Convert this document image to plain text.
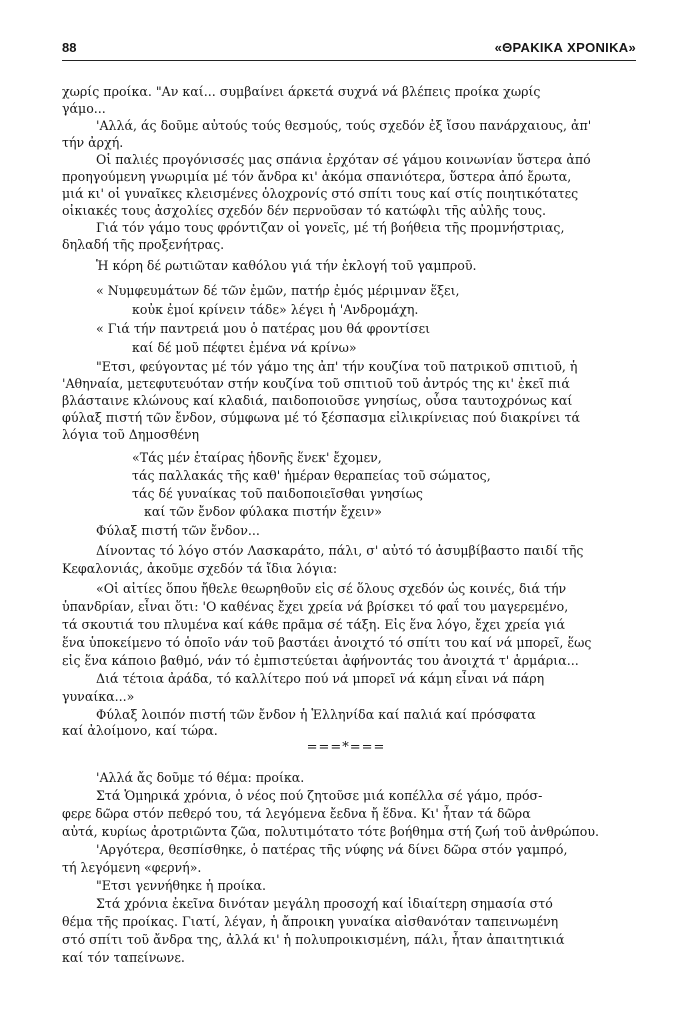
88	«ΘΡΑΚΙΚΑ ΧΡΟΝΙΚΑ»

χωρίς προίκα. "Αν καί... συμβαίνει άρκετά συχνά νά βλέπεις προίκα χωρίς

γάμο...

'Αλλά, άς δοῦμε αὐτούς τούς θεσμούς, τούς σχεδόν ἐξ ἴσου πανάρχαιους, ἀπ'

τήν ἀρχή.

Οἱ παλιές προγόνισσές μας σπάνια ἐρχόταν σέ γάμου κοινωνίαν ὕστερα ἀπό

προηγούμενη γνωριμία μέ τόν ἄνδρα κι' ἀκόμα σπανιότερα, ὕστερα ἀπό ἔρωτα,

μιά κι' οἱ γυναῖκες κλεισμένες ὁλοχρονίς στό σπίτι τους καί στίς ποιητικότατες

οἰκιακές τους ἀσχολίες σχεδόν δέν περνοῦσαν τό κατώφλι τῆς αὐλῆς τους.

Γιά τόν γάμο τους φρόντιζαν οἱ γονεῖς, μέ τή βοήθεια τῆς προμνήστριας,

δηλαδή τῆς προξενήτρας.

Ἡ κόρη δέ ρωτιῶταν καθόλου γιά τήν ἐκλογή τοῦ γαμπροῦ.

« Νυμφευμάτων δέ τῶν ἐμῶν, πατήρ ἐμός μέριμναν ἕξει,

κοὐκ ἐμοί κρίνειν τάδε» λέγει ἡ 'Ανδρομάχη.

« Γιά τήν παντρειά μου ὁ πατέρας μου θά φροντίσει

καί δέ μοῦ πέφτει ἐμένα νά κρίνω»

"Ετσι, φεύγοντας μέ τόν γάμο της ἀπ' τήν κουζίνα τοῦ πατρικοῦ σπιτιοῦ, ἡ

'Αθηναία, μετεφυτευόταν στήν κουζίνα τοῦ σπιτιοῦ τοῦ ἀντρός της κι' ἐκεῖ πιά

βλάσταινε κλώνους καί κλαδιά, παιδοποιοῦσε γνησίως, οὖσα ταυτοχρόνως καί

φύλαξ πιστή τῶν ἔνδον, σύμφωνα μέ τό ξέσπασμα εἰλικρίνειας πού διακρίνει τά

λόγια τοῦ Δημοσθένη

«Τάς μέν ἑταίρας ἡδονῆς ἕνεκ' ἔχομεν,

τάς παλλακάς τῆς καθ' ἡμέραν θεραπείας τοῦ σώματος,

τάς δέ γυναίκας τοῦ παιδοποιεῖσθαι γνησίως

καί τῶν ἔνδον φύλακα πιστήν ἔχειν»

Φύλαξ πιστή τῶν ἔνδον...

Δίνοντας τό λόγο στόν Λασκαράτο, πάλι, σ' αὐτό τό ἀσυμβίβαστο παιδί τῆς

Κεφαλονιάς, ἀκοῦμε σχεδόν τά ἴδια λόγια:

«Οἱ αἰτίες ὅπου ἤθελε θεωρηθοῦν εἰς σέ ὅλους σχεδόν ὡς κοινές, διά τήν

ὑπανδρίαν, εἶναι ὅτι: 'Ο καθένας ἔχει χρεία νά βρίσκει τό φαΐ του μαγερεμένο,

τά σκουτιά του πλυμένα καί κάθε πρᾶμα σέ τάξη. Εἰς ἕνα λόγο, ἔχει χρεία γιά

ἕνα ὑποκείμενο τό ὁποῖο νάν τοῦ βαστάει ἀνοιχτό τό σπίτι του καί νά μπορεῖ, ἕως

εἰς ἕνα κάποιο βαθμό, νάν τό ἐμπιστεύεται ἀφήνοντάς του ἀνοιχτά τ' ἁρμάρια...

Διά τέτοια ἀράδα, τό καλλίτερο πού νά μπορεῖ νά κάμη εἶναι νά πάρη

γυναίκα...»

Φύλαξ λοιπόν πιστή τῶν ἔνδον ἡ Ἑλληνίδα καί παλιά καί πρόσφατα

καί ἀλοίμονο, καί τώρα.

===*===

'Αλλά ἄς δοῦμε τό θέμα: προίκα.

Στά Ὁμηρικά χρόνια, ὁ νέος πού ζητοῦσε μιά κοπέλλα σέ γάμο, πρόσ-

φερε δῶρα στόν πεθερό του, τά λεγόμενα ἔεδνα ἤ ἕδνα. Κι' ἦταν τά δῶρα

αὐτά, κυρίως ἀροτριῶντα ζῶα, πολυτιμότατο τότε βοήθημα στή ζωή τοῦ ἀνθρώπου.

'Αργότερα, θεσπίσθηκε, ὁ πατέρας τῆς νύφης νά δίνει δῶρα στόν γαμπρό,

τή λεγόμενη «φερνή».

"Ετσι γεννήθηκε ἡ προίκα.

Στά χρόνια ἐκεῖνα δινόταν μεγάλη προσοχή καί ἰδιαίτερη σημασία στό

θέμα τῆς προίκας. Γιατί, λέγαν, ἡ ἄπροικη γυναίκα αἰσθανόταν ταπεινωμένη

στό σπίτι τοῦ ἄνδρα της, ἀλλά κι' ἡ πολυπροικισμένη, πάλι, ἦταν ἀπαιτητικιά

καί τόν ταπείνωνε.
